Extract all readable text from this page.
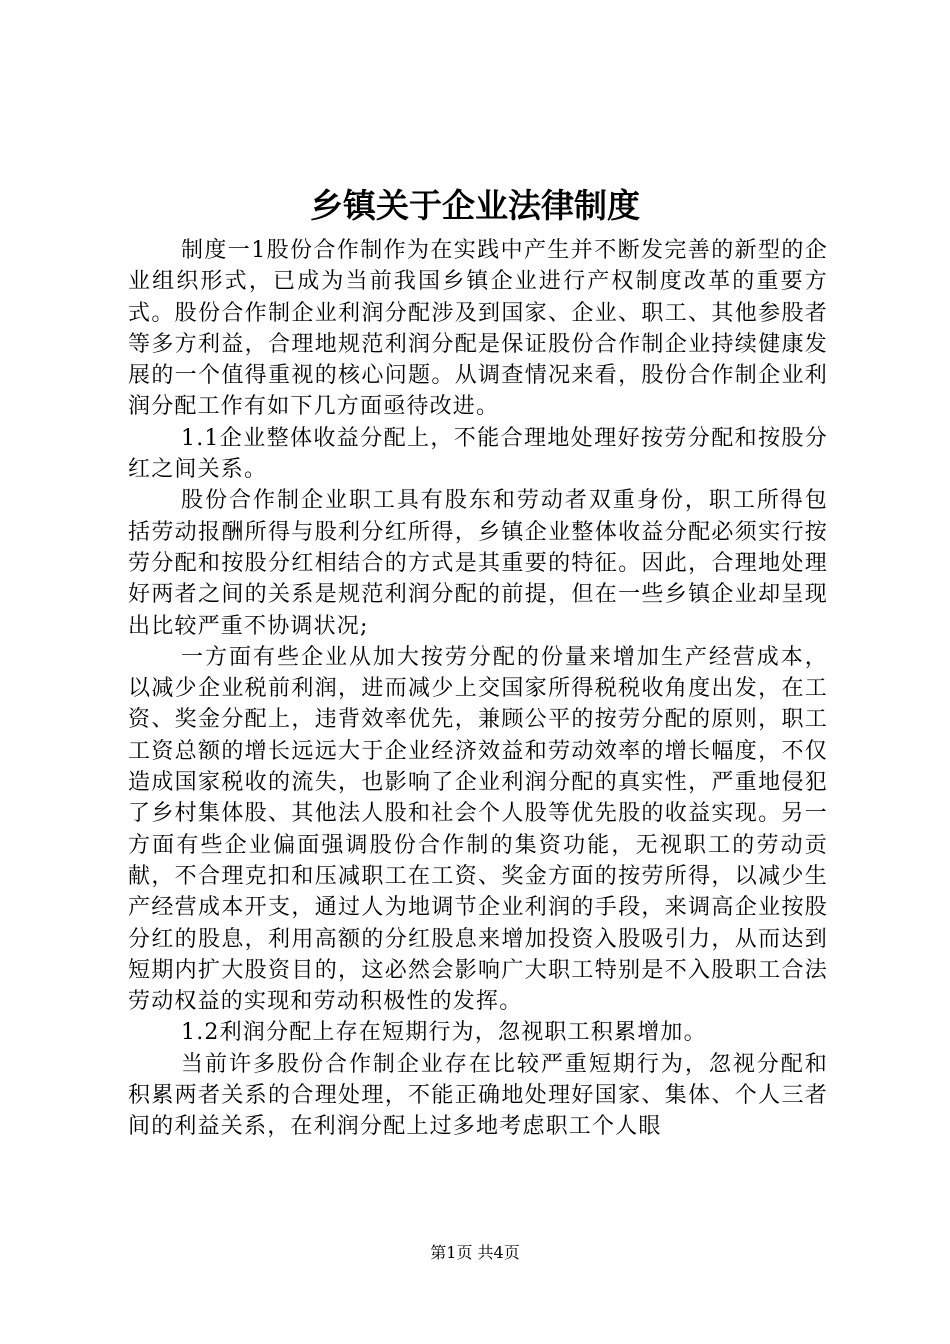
乡镇关于企业法律制度

制度一1股份合作制作为在实践中产生并不断发完善的新型的企业组织形式，已成为当前我国乡镇企业进行产权制度改革的重要方式。股份合作制企业利润分配涉及到国家、企业、职工、其他参股者等多方利益，合理地规范利润分配是保证股份合作制企业持续健康发展的一个值得重视的核心问题。从调查情况来看，股份合作制企业利润分配工作有如下几方面亟待改进。

1.1企业整体收益分配上，不能合理地处理好按劳分配和按股分红之间关系。

股份合作制企业职工具有股东和劳动者双重身份，职工所得包括劳动报酬所得与股利分红所得，乡镇企业整体收益分配必须实行按劳分配和按股分红相结合的方式是其重要的特征。因此，合理地处理好两者之间的关系是规范利润分配的前提，但在一些乡镇企业却呈现出比较严重不协调状况;

一方面有些企业从加大按劳分配的份量来增加生产经营成本，以减少企业税前利润，进而减少上交国家所得税税收角度出发，在工资、奖金分配上，违背效率优先，兼顾公平的按劳分配的原则，职工工资总额的增长远远大于企业经济效益和劳动效率的增长幅度，不仅造成国家税收的流失，也影响了企业利润分配的真实性，严重地侵犯了乡村集体股、其他法人股和社会个人股等优先股的收益实现。另一方面有些企业偏面强调股份合作制的集资功能，无视职工的劳动贡献，不合理克扣和压减职工在工资、奖金方面的按劳所得，以减少生产经营成本开支，通过人为地调节企业利润的手段，来调高企业按股分红的股息，利用高额的分红股息来增加投资入股吸引力，从而达到短期内扩大股资目的，这必然会影响广大职工特别是不入股职工合法劳动权益的实现和劳动积极性的发挥。

1.2利润分配上存在短期行为，忽视职工积累增加。

当前许多股份合作制企业存在比较严重短期行为，忽视分配和积累两者关系的合理处理，不能正确地处理好国家、集体、个人三者间的利益关系，在利润分配上过多地考虑职工个人眼

第1页 共4页
